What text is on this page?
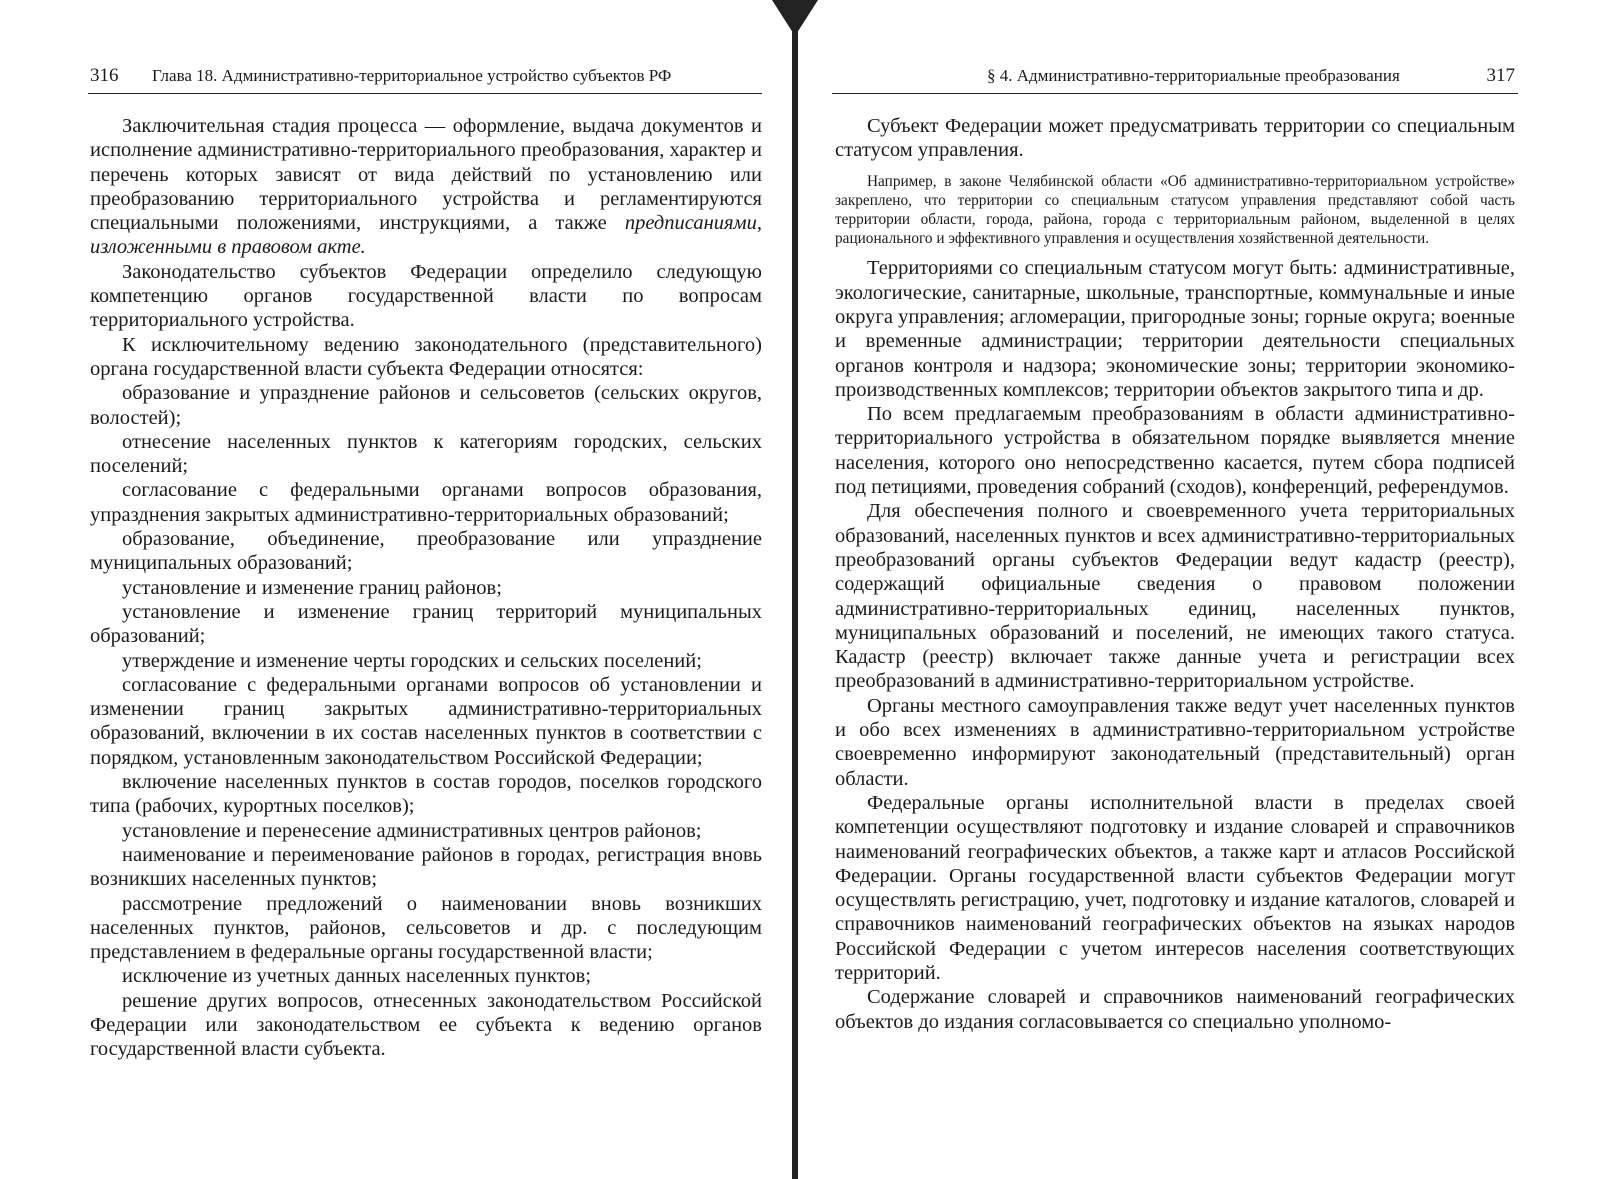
316 Глава 18. Административно-территориальное устройство субъектов РФ

Заключительная стадия процесса — оформление, выдача документов и исполнение административно-территориального преобразования, характер и перечень которых зависят от вида действий по установлению или преобразованию территориального устройства и регламентируются специальными положениями, инструкциями, а также предписаниями, изложенными в правовом акте.

Законодательство субъектов Федерации определило следующую компетенцию органов государственной власти по вопросам территориального устройства.

К исключительному ведению законодательного (представительного) органа государственной власти субъекта Федерации относятся:

образование и упразднение районов и сельсоветов (сельских округов, волостей);

отнесение населенных пунктов к категориям городских, сельских поселений;

согласование с федеральными органами вопросов образования, упразднения закрытых административно-территориальных образований;

образование, объединение, преобразование или упразднение муниципальных образований;

установление и изменение границ районов;

установление и изменение границ территорий муниципальных образований;

утверждение и изменение черты городских и сельских поселений;

согласование с федеральными органами вопросов об установлении и изменении границ закрытых административно-территориальных образований, включении в их состав населенных пунктов в соответствии с порядком, установленным законодательством Российской Федерации;

включение населенных пунктов в состав городов, поселков городского типа (рабочих, курортных поселков);

установление и перенесение административных центров районов;

наименование и переименование районов в городах, регистрация вновь возникших населенных пунктов;

рассмотрение предложений о наименовании вновь возникших населенных пунктов, районов, сельсоветов и др. с последующим представлением в федеральные органы государственной власти;

исключение из учетных данных населенных пунктов;

решение других вопросов, отнесенных законодательством Российской Федерации или законодательством ее субъекта к ведению органов государственной власти субъекта.

§ 4. Административно-территориальные преобразования	317

Субъект Федерации может предусматривать территории со специальным статусом управления.

Например, в законе Челябинской области «Об административно-территориальном устройстве» закреплено, что территории со специальным статусом управления представляют собой часть территории области, города, района, города с территориальным районом, выделенной в целях рационального и эффективного управления и осуществления хозяйственной деятельности.

Территориями со специальным статусом могут быть: административные, экологические, санитарные, школьные, транспортные, коммунальные и иные округа управления; агломерации, пригородные зоны; горные округа; военные и временные администрации; территории деятельности специальных органов контроля и надзора; экономические зоны; территории экономико-производственных комплексов; территории объектов закрытого типа и др.

По всем предлагаемым преобразованиям в области административно-территориального устройства в обязательном порядке выявляется мнение населения, которого оно непосредственно касается, путем сбора подписей под петициями, проведения собраний (сходов), конференций, референдумов.

Для обеспечения полного и своевременного учета территориальных образований, населенных пунктов и всех административно-территориальных преобразований органы субъектов Федерации ведут кадастр (реестр), содержащий официальные сведения о правовом положении административно-территориальных единиц, населенных пунктов, муниципальных образований и поселений, не имеющих такого статуса. Кадастр (реестр) включает также данные учета и регистрации всех преобразований в административно-территориальном устройстве.

Органы местного самоуправления также ведут учет населенных пунктов и обо всех изменениях в административно-территориальном устройстве своевременно информируют законодательный (представительный) орган области.

Федеральные органы исполнительной власти в пределах своей компетенции осуществляют подготовку и издание словарей и справочников наименований географических объектов, а также карт и атласов Российской Федерации. Органы государственной власти субъектов Федерации могут осуществлять регистрацию, учет, подготовку и издание каталогов, словарей и справочников наименований географических объектов на языках народов Российской Федерации с учетом интересов населения соответствующих территорий.

Содержание словарей и справочников наименований географических объектов до издания согласовывается со специально уполномо-
